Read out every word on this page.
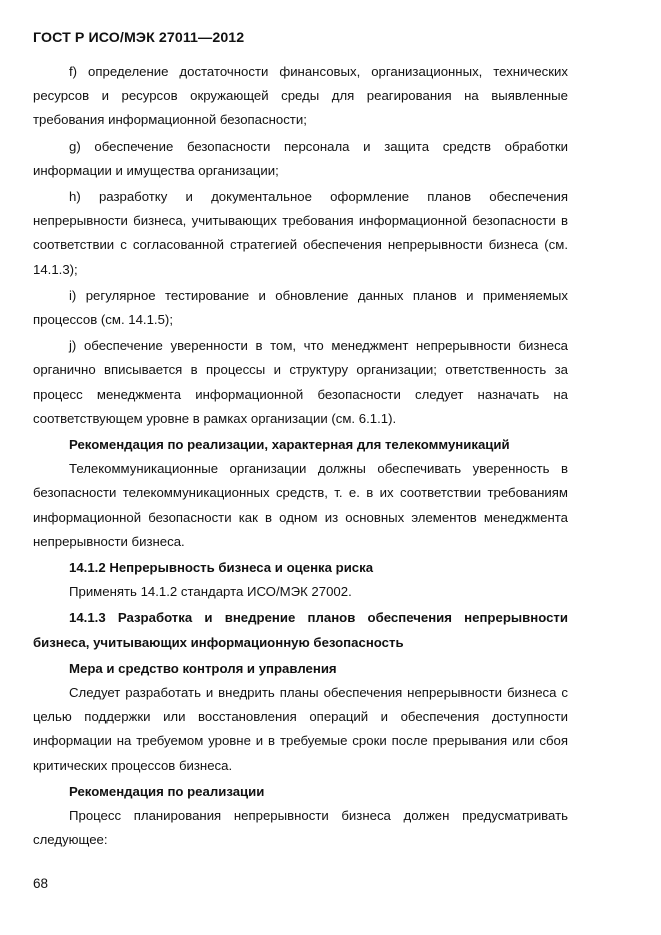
ГОСТ Р ИСО/МЭК 27011—2012
f) определение достаточности финансовых, организационных, технических ресурсов и ресурсов окружающей среды для реагирования на выявленные требования информационной безопасности;
g) обеспечение безопасности персонала и защита средств обработки информации и имущества организации;
h) разработку и документальное оформление планов обеспечения непрерывности бизнеса, учитывающих требования информационной безопасности в соответствии с согласованной стратегией обеспечения непрерывности бизнеса (см. 14.1.3);
i) регулярное тестирование и обновление данных планов и применяемых процессов (см. 14.1.5);
j) обеспечение уверенности в том, что менеджмент непрерывности бизнеса органично вписывается в процессы и структуру организации; ответственность за процесс менеджмента информационной безопасности следует назначать на соответствующем уровне в рамках организации (см. 6.1.1).
Рекомендация по реализации, характерная для телекоммуникаций
Телекоммуникационные организации должны обеспечивать уверенность в безопасности телекоммуникационных средств, т. е. в их соответствии требованиям информационной безопасности как в одном из основных элементов менеджмента непрерывности бизнеса.
14.1.2 Непрерывность бизнеса и оценка риска
Применять 14.1.2 стандарта ИСО/МЭК 27002.
14.1.3 Разработка и внедрение планов обеспечения непрерывности бизнеса, учитывающих информационную безопасность
Мера и средство контроля и управления
Следует разработать и внедрить планы обеспечения непрерывности бизнеса с целью поддержки или восстановления операций и обеспечения доступности информации на требуемом уровне и в требуемые сроки после прерывания или сбоя критических процессов бизнеса.
Рекомендация по реализации
Процесс планирования непрерывности бизнеса должен предусматривать следующее:
68
